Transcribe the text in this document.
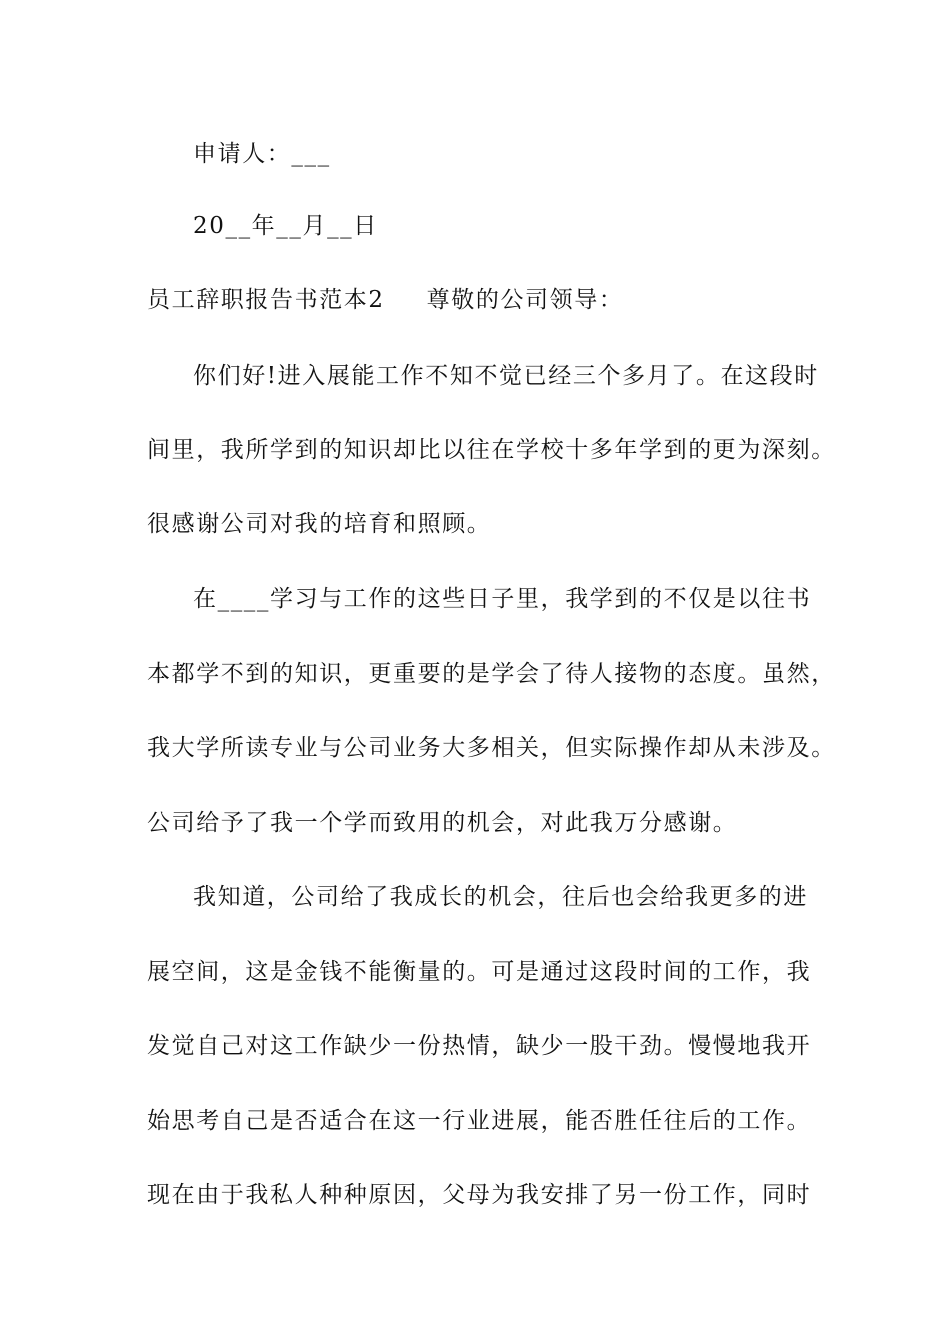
申请人：___
20__年__月__日
员工辞职报告书范本2 尊敬的公司领导：
你们好!进入展能工作不知不觉已经三个多月了。在这段时
间里，我所学到的知识却比以往在学校十多年学到的更为深刻。
很感谢公司对我的培育和照顾。
在____学习与工作的这些日子里，我学到的不仅是以往书
本都学不到的知识，更重要的是学会了待人接物的态度。虽然，
我大学所读专业与公司业务大多相关，但实际操作却从未涉及。
公司给予了我一个学而致用的机会，对此我万分感谢。
我知道，公司给了我成长的机会，往后也会给我更多的进
展空间，这是金钱不能衡量的。可是通过这段时间的工作，我
发觉自己对这工作缺少一份热情，缺少一股干劲。慢慢地我开
始思考自己是否适合在这一行业进展，能否胜任往后的工作。
现在由于我私人种种原因，父母为我安排了另一份工作，同时
